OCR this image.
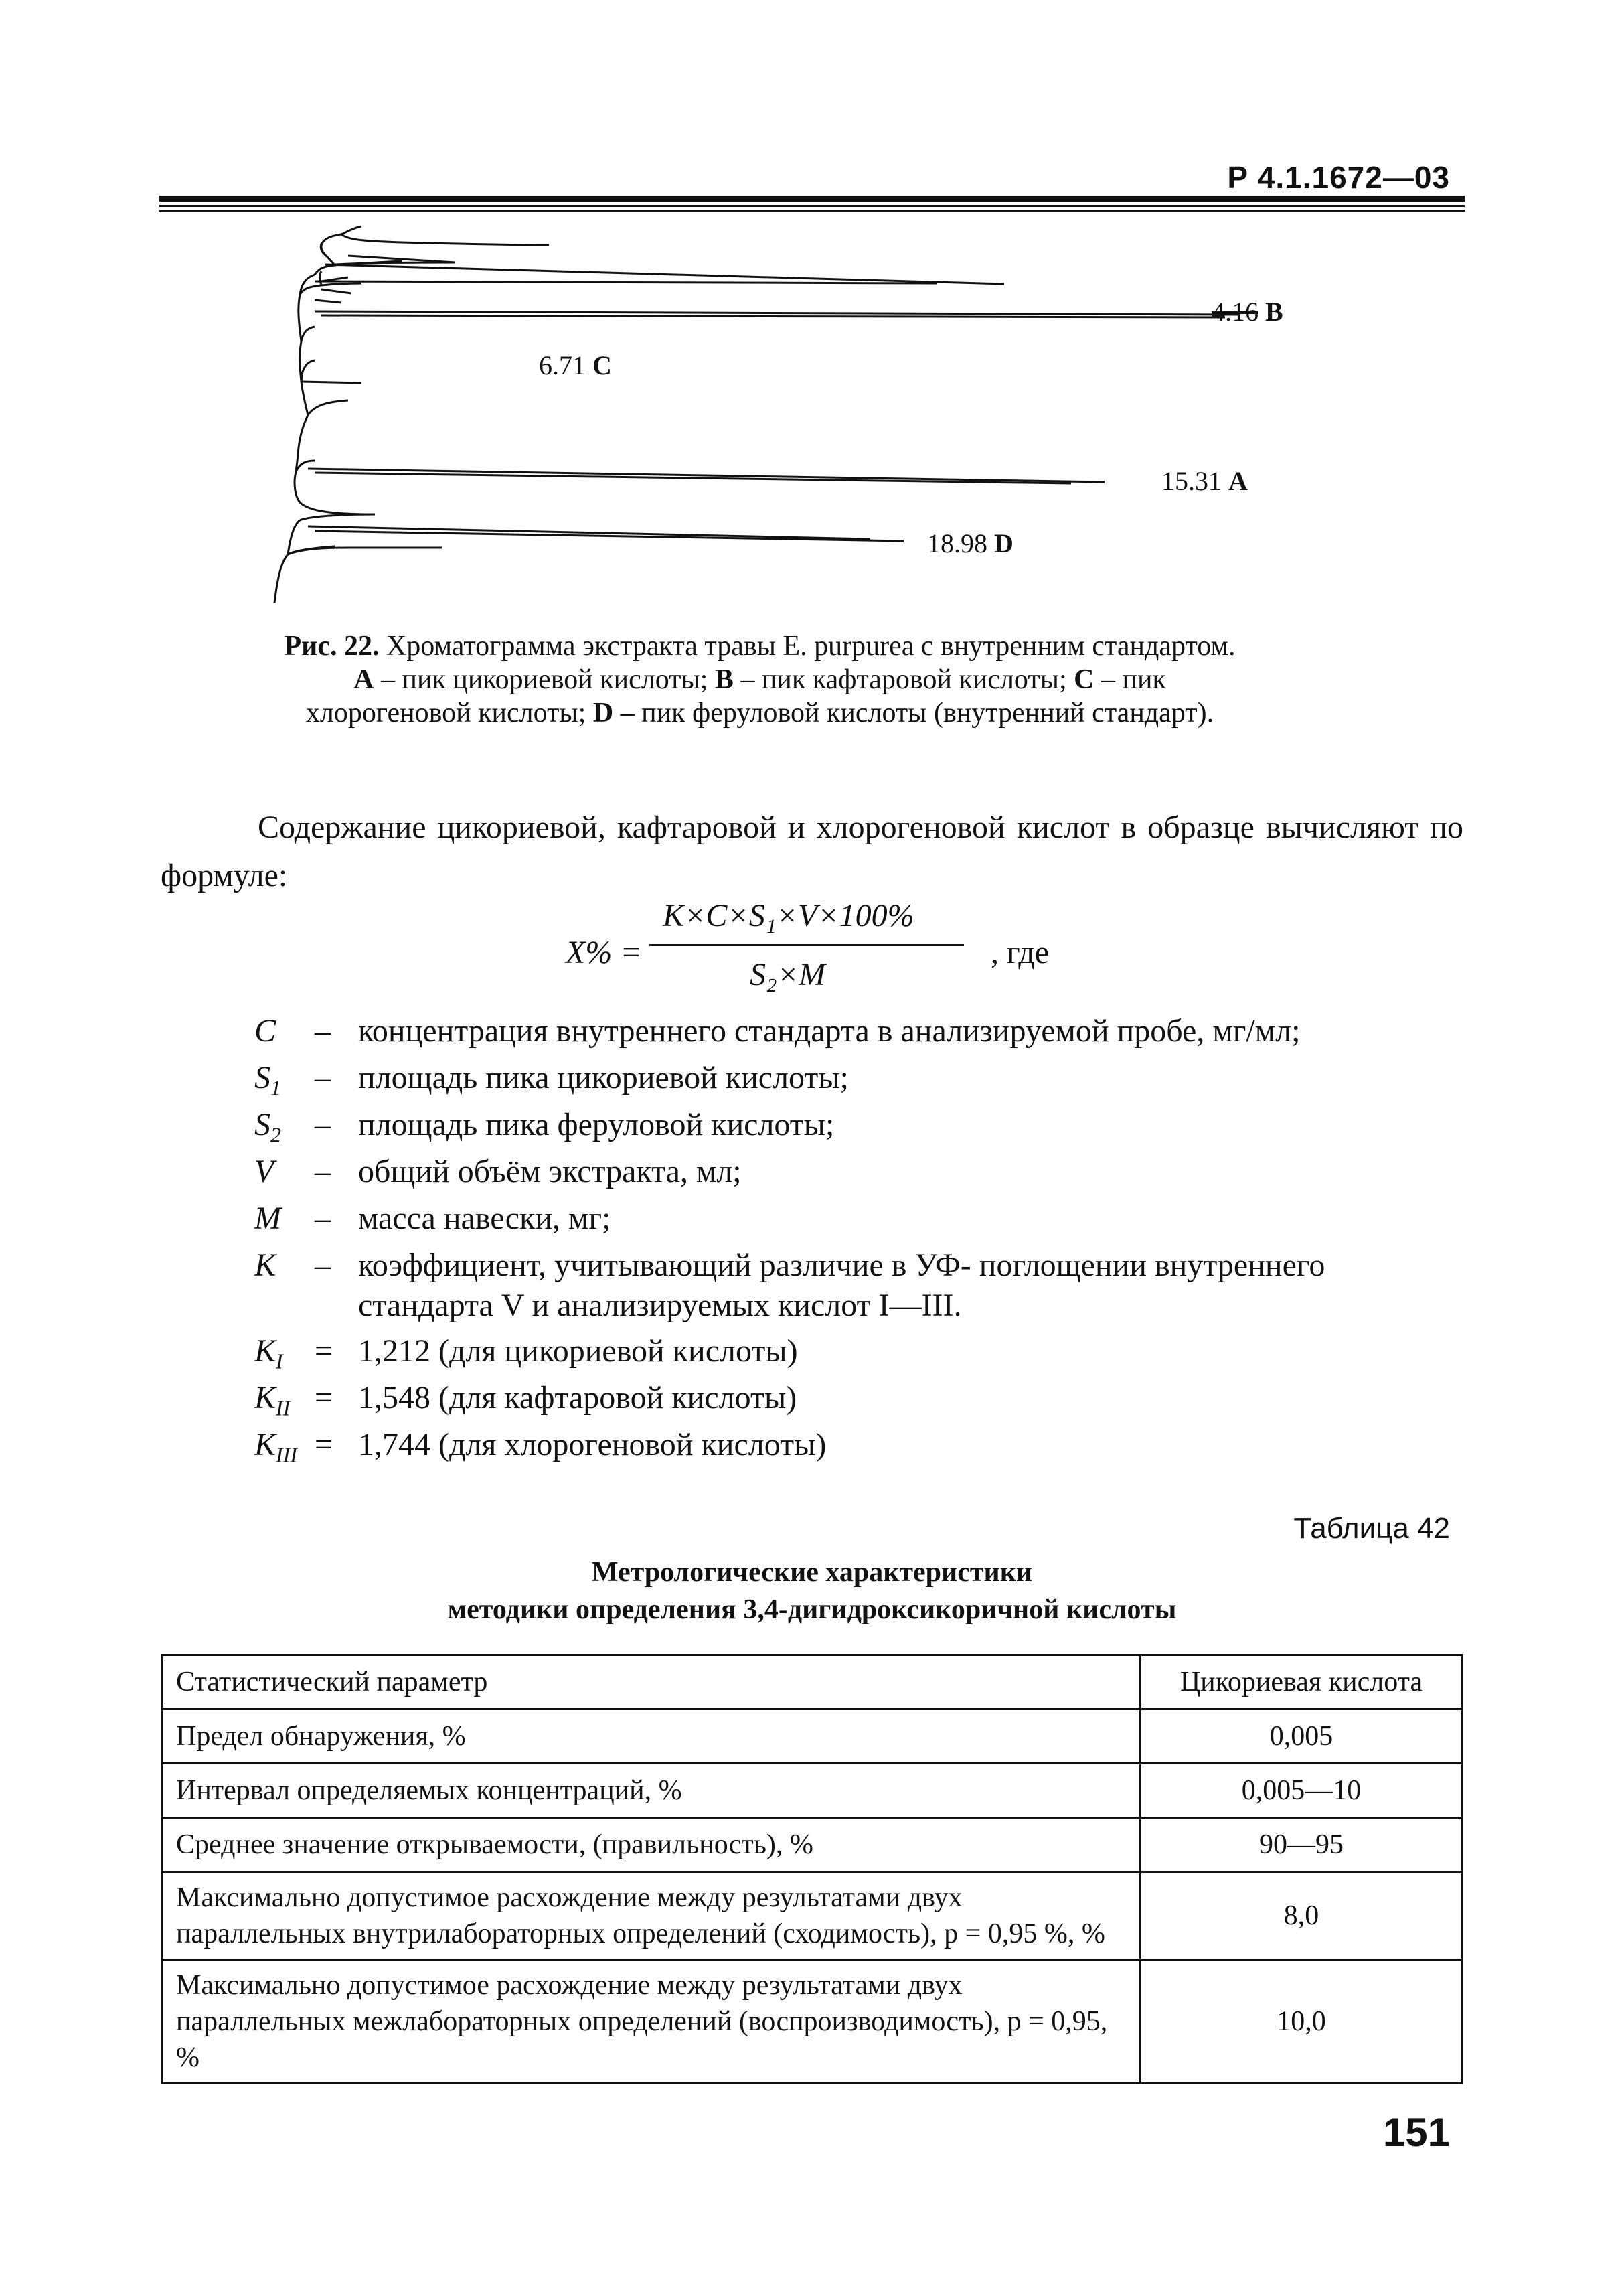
Р 4.1.1672—03
4.16 B
6.71 C
15.31 A
18.98 D
Рис. 22. Хроматограмма экстракта травы E. purpurea с внутренним стандартом. A – пик цикориевой кислоты; B – пик кафтаровой кислоты; C – пик хлорогеновой кислоты; D – пик феруловой кислоты (внутренний стандарт).
Содержание цикориевой, кафтаровой и хлорогеновой кислот в образце вычисляют по формуле:
X% =
K×C×S₁×V×100%
S₂×M
, где
C – концентрация внутреннего стандарта в анализируемой пробе, мг/мл;
$S_1$ – площадь пика цикориевой кислоты;
$S_2$ – площадь пика феруловой кислоты;
V – общий объём экстракта, мл;
M – масса навески, мг;
K – коэффициент, учитывающий различие в УФ- поглощении внутреннего стандарта V и анализируемых кислот I—III.
$K_I = 1,212$ (для цикориевой кислоты)
$K_{II} = 1,548$ (для кафтаровой кислоты)
$K_{III} = 1,744$ (для хлорогеновой кислоты)
Таблица 42
Метрологические характеристики
методики определения 3,4-дигидроксикоричной кислоты
Статистический параметр	Цикориевая кислота
Предел обнаружения, %	0,005
Интервал определяемых концентраций, %	0,005—10
Среднее значение открываемости, (правильность), %	90—95
Максимально допустимое расхождение между результатами двух параллельных внутрилабораторных определений (сходимость), р = 0,95 %, %	8,0
Максимально допустимое расхождение между результатами двух параллельных межлабораторных определений (воспроизводимость), р = 0,95, %	10,0
151
